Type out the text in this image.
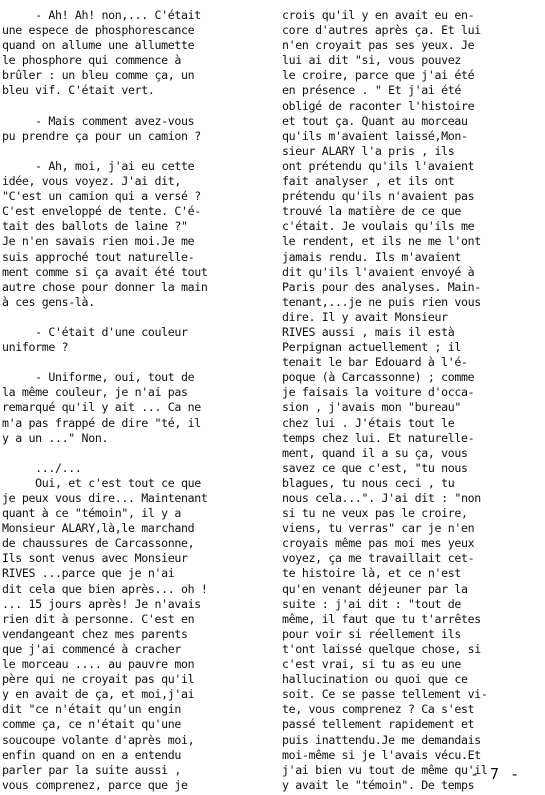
- Ah! Ah! non,... C'était
une espece de phosphorescance
quand on allume une allumette
le phosphore qui commence à
brûler : un bleu comme ça, un
bleu vif. C'était vert.
- Mais comment avez-vous
pu prendre ça pour un camion ?
- Ah, moi, j'ai eu cette
idée, vous voyez. J'ai dit,
"C'est un camion qui a versé ?
C'est enveloppé de tente. C'é-
tait des ballots de laine ?"
Je n'en savais rien moi.Je me
suis approché tout naturelle-
ment comme si ça avait été tout
autre chose pour donner la main
à ces gens-là.
- C'était d'une couleur
uniforme ?
- Uniforme, oui, tout de
la même couleur, je n'ai pas
remarqué qu'il y ait ... Ca ne
m'a pas frappé de dire "té, il
y a un ..." Non.
.../...
Oui, et c'est tout ce que
je peux vous dire... Maintenant
quant à ce "témoin", il y a
Monsieur ALARY,là,le marchand
de chaussures de Carcassonne,
Ils sont venus avec Monsieur
RIVES ...parce que je n'ai
dit cela que bien après... oh !
... 15 jours après! Je n'avais
rien dit à personne. C'est en
vendangeant chez mes parents
que j'ai commencé à cracher
le morceau .... au pauvre mon
père qui ne croyait pas qu'il
y en avait de ça, et moi,j'ai
dit "ce n'était qu'un engin
comme ça, ce n'était qu'une
soucoupe volante d'après moi,
enfin quand on en a entendu
parler par la suite aussi ,
vous comprenez, parce que je
crois qu'il y en avait eu en-
core d'autres après ça. Et lui
n'en croyait pas ses yeux. Je
lui ai dit "si, vous pouvez
le croire, parce que j'ai été
en présence . " Et j'ai été
obligé de raconter l'histoire
et tout ça. Quant au morceau
qu'ils m'avaient laissé,Mon-
sieur ALARY l'a pris , ils
ont prétendu qu'ils l'avaient
fait analyser , et ils ont
prétendu qu'ils n'avaient pas
trouvé la matière de ce que
c'était. Je voulais qu'ils me
le rendent, et ils ne me l'ont
jamais rendu. Ils m'avaient
dit qu'ils l'avaient envoyé à
Paris pour des analyses. Main-
tenant,...je ne puis rien vous
dire. Il y avait Monsieur
RIVES aussi , mais il està
Perpignan actuellement ; il
tenait le bar Edouard à l'é-
poque (à Carcassonne) ; comme
je faisais la voiture d'occa-
sion , j'avais mon "bureau"
chez lui . J'étais tout le
temps chez lui. Et naturelle-
ment, quand il a su ça, vous
savez ce que c'est, "tu nous
blagues, tu nous ceci , tu
nous cela...". J'ai dit : "non
si tu ne veux pas le croire,
viens, tu verras" car je n'en
croyais même pas moi mes yeux
voyez, ça me travaillait cet-
te histoire là, et ce n'est
qu'en venant déjeuner par la
suite : j'ai dit : "tout de
même, il faut que tu t'arrêtes
pour voir si réellement ils
t'ont laissé quelque chose, si
c'est vrai, si tu as eu une
hallucination ou quoi que ce
soit. Ce se passe tellement vi-
te, vous comprenez ? Ca s'est
passé tellement rapidement et
puis inattendu.Je me demandais
moi-même si je l'avais vécu.Et
j'ai bien vu tout de même qu'il
y avait le "témoin". De temps
- 7 -
